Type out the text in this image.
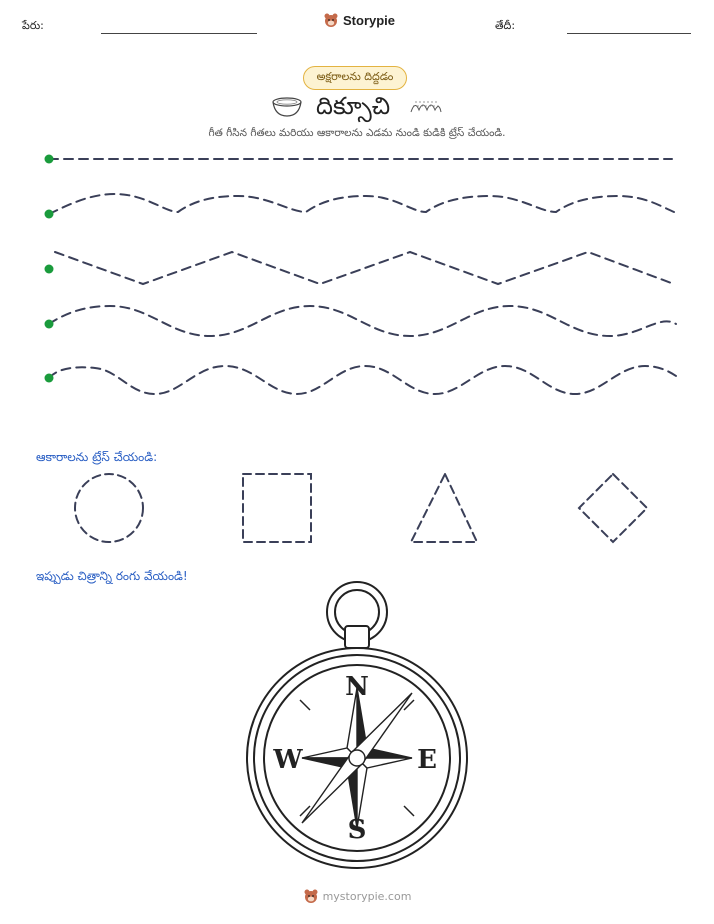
పేరు:	Storypie	తేదీ:
అక్షరాలను దిద్దడం
దిక్సూచి
గీత గీసిన గీతలు మరియు ఆకారాలను ఎడమ నుండి కుడికి ట్రేస్ చేయండి.
ఆకారాలను ట్రేస్ చేయండి:
ఇప్పుడు చిత్రాన్ని రంగు వేయండి!
N
S
W	E
mystorypie.com
